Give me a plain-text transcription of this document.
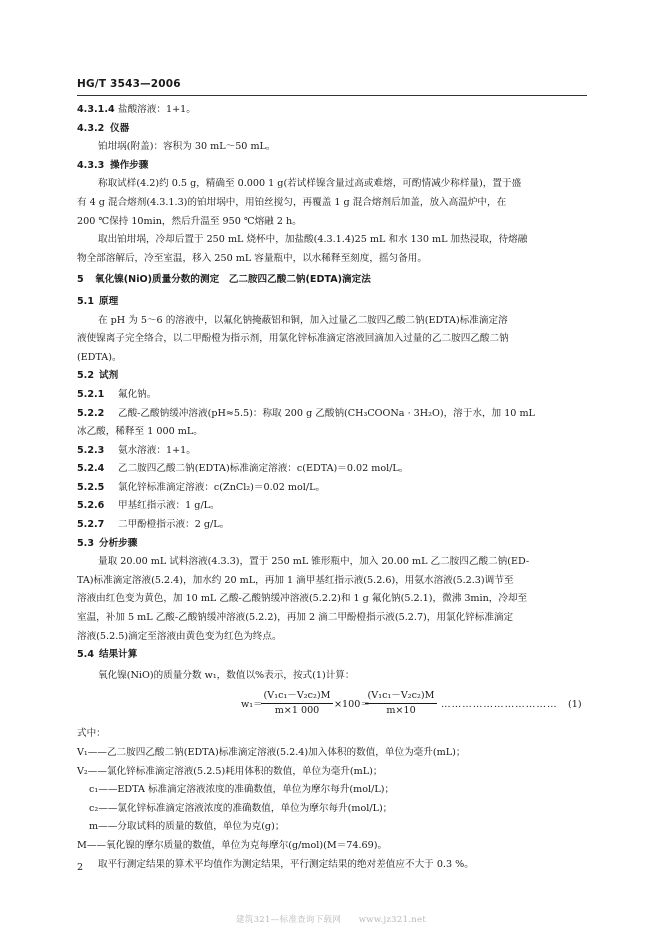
HG/T 3543—2006
4.3.1.4 盐酸溶液：1+1。
4.3.2 仪器
铂坩埚(附盖)：容积为 30 mL～50 mL。
4.3.3 操作步骤
称取试样(4.2)约 0.5 g，精确至 0.000 1 g(若试样镍含量过高或难熔，可酌情减少称样量)，置于盛
有 4 g 混合熔剂(4.3.1.3)的铂坩埚中，用铂丝搅匀，再覆盖 1 g 混合熔剂后加盖，放入高温炉中，在
200 ℃保持 10min，然后升温至 950 ℃熔融 2 h。
取出铂坩埚，冷却后置于 250 mL 烧杯中，加盐酸(4.3.1.4)25 mL 和水 130 mL 加热浸取，待熔融
物全部溶解后，冷至室温，移入 250 mL 容量瓶中，以水稀释至刻度，摇匀备用。
5 氧化镍(NiO)质量分数的测定　乙二胺四乙酸二钠(EDTA)滴定法
5.1 原理
在 pH 为 5～6 的溶液中，以氟化钠掩蔽铝和铜，加入过量乙二胺四乙酸二钠(EDTA)标准滴定溶
液使镍离子完全络合，以二甲酚橙为指示剂，用氯化锌标准滴定溶液回滴加入过量的乙二胺四乙酸二钠
(EDTA)。
5.2 试剂
5.2.1 氟化钠。
5.2.2 乙酸-乙酸钠缓冲溶液(pH≈5.5)：称取 200 g 乙酸钠(CH₃COONa · 3H₂O)，溶于水，加 10 mL
冰乙酸，稀释至 1 000 mL。
5.2.3 氨水溶液：1+1。
5.2.4 乙二胺四乙酸二钠(EDTA)标准滴定溶液：c(EDTA)＝0.02 mol/L。
5.2.5 氯化锌标准滴定溶液：c(ZnCl₂)＝0.02 mol/L。
5.2.6 甲基红指示液：1 g/L。
5.2.7 二甲酚橙指示液：2 g/L。
5.3 分析步骤
量取 20.00 mL 试料溶液(4.3.3)，置于 250 mL 锥形瓶中，加入 20.00 mL 乙二胺四乙酸二钠(ED-
TA)标准滴定溶液(5.2.4)，加水约 20 mL，再加 1 滴甲基红指示液(5.2.6)，用氨水溶液(5.2.3)调节至
溶液由红色变为黄色，加 10 mL 乙酸-乙酸钠缓冲溶液(5.2.2)和 1 g 氟化钠(5.2.1)，微沸 3min，冷却至
室温，补加 5 mL 乙酸-乙酸钠缓冲溶液(5.2.2)，再加 2 滴二甲酚橙指示液(5.2.7)，用氯化锌标准滴定
溶液(5.2.5)滴定至溶液由黄色变为红色为终点。
5.4 结果计算
氧化镍(NiO)的质量分数 w₁，数值以%表示，按式(1)计算：
w₁＝
$\frac{\text{(V₁c₁－V₂c₂)M}}{m\times 1 000} \times 100=$
$\frac{\text{(V₁c₁－V₂c₂)M}}{m\times 10}$ …………………………… (1)
式中：
V₁——乙二胺四乙酸二钠(EDTA)标准滴定溶液(5.2.4)加入体积的数值，单位为毫升(mL)；
V₂——氯化锌标准滴定溶液(5.2.5)耗用体积的数值，单位为毫升(mL)；
c₁——EDTA 标准滴定溶液浓度的准确数值，单位为摩尔每升(mol/L)；
c₂——氯化锌标准滴定溶液浓度的准确数值，单位为摩尔每升(mol/L)；
m——分取试料的质量的数值，单位为克(g)；
M——氧化镍的摩尔质量的数值，单位为克每摩尔(g/mol)(M＝74.69)。
取平行测定结果的算术平均值作为测定结果，平行测定结果的绝对差值应不大于 0.3 %。
2
建筑321—标准查询下载网　　www.jz321.net
